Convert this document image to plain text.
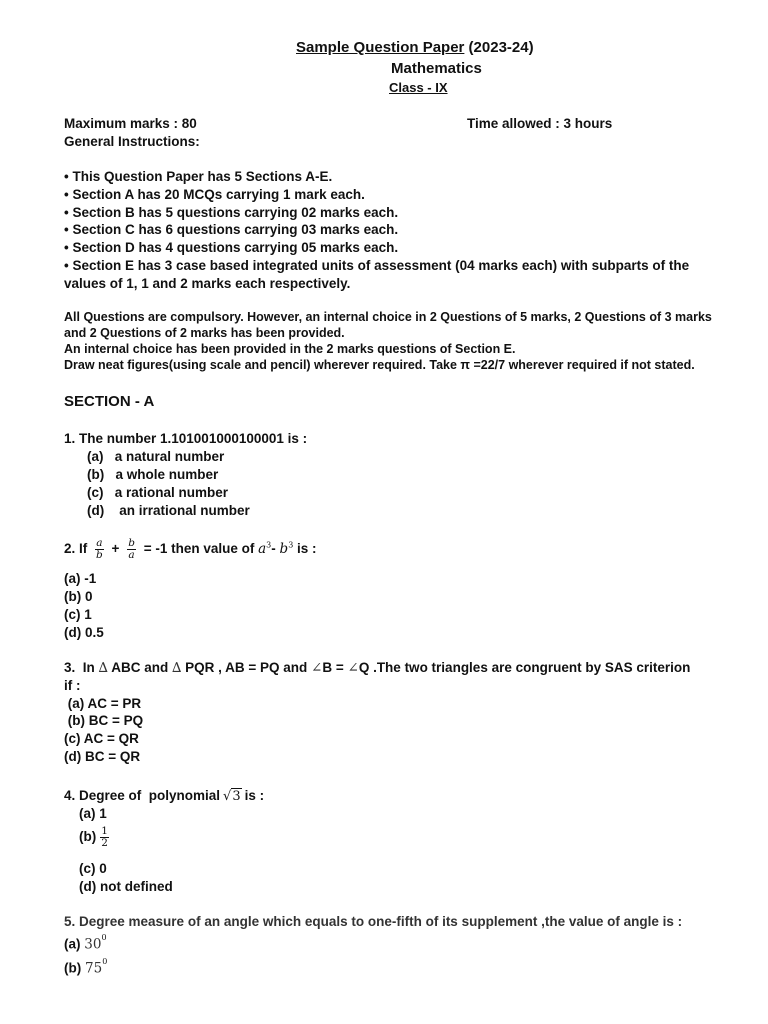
Sample Question Paper (2023-24)
Mathematics
Class - IX
Maximum marks : 80	Time allowed : 3 hours
General Instructions:
• This Question Paper has 5 Sections A-E.
• Section A has 20 MCQs carrying 1 mark each.
• Section B has 5 questions carrying 02 marks each.
• Section C has 6 questions carrying 03 marks each.
• Section D has 4 questions carrying 05 marks each.
• Section E has 3 case based integrated units of assessment (04 marks each) with subparts of the
values of 1, 1 and 2 marks each respectively.
All Questions are compulsory. However, an internal choice in 2 Questions of 5 marks, 2 Questions of 3 marks
and 2 Questions of 2 marks has been provided.
An internal choice has been provided in the 2 marks questions of Section E.
Draw neat figures(using scale and pencil) wherever required. Take π =22/7 wherever required if not stated.
SECTION - A
1. The number 1.101001000100001 is :
(a)   a natural number
(b)   a whole number
(c)   a rational number
(d)    an irrational number
2. If $\frac{a}{b} + \frac{b}{a} = -1$ then value of $a^3-$ $b^3$ is :
(a) -1
(b) 0
(c) 1
(d) 0.5
3.  In ∆ ABC and ∆ PQR , AB = PQ and ∠B = ∠Q .The two triangles are congruent by SAS criterion
if :
(a) AC = PR
(b) BC = PQ
(c) AC = QR
(d) BC = QR
4. Degree of  polynomial √3 is :
(a) 1
$(b) \frac{1}{2}$
(c) 0
(d) not defined
5. Degree measure of an angle which equals to one-fifth of its supplement ,the value of angle is :
(a) $30^0$
(b) $75^0$
